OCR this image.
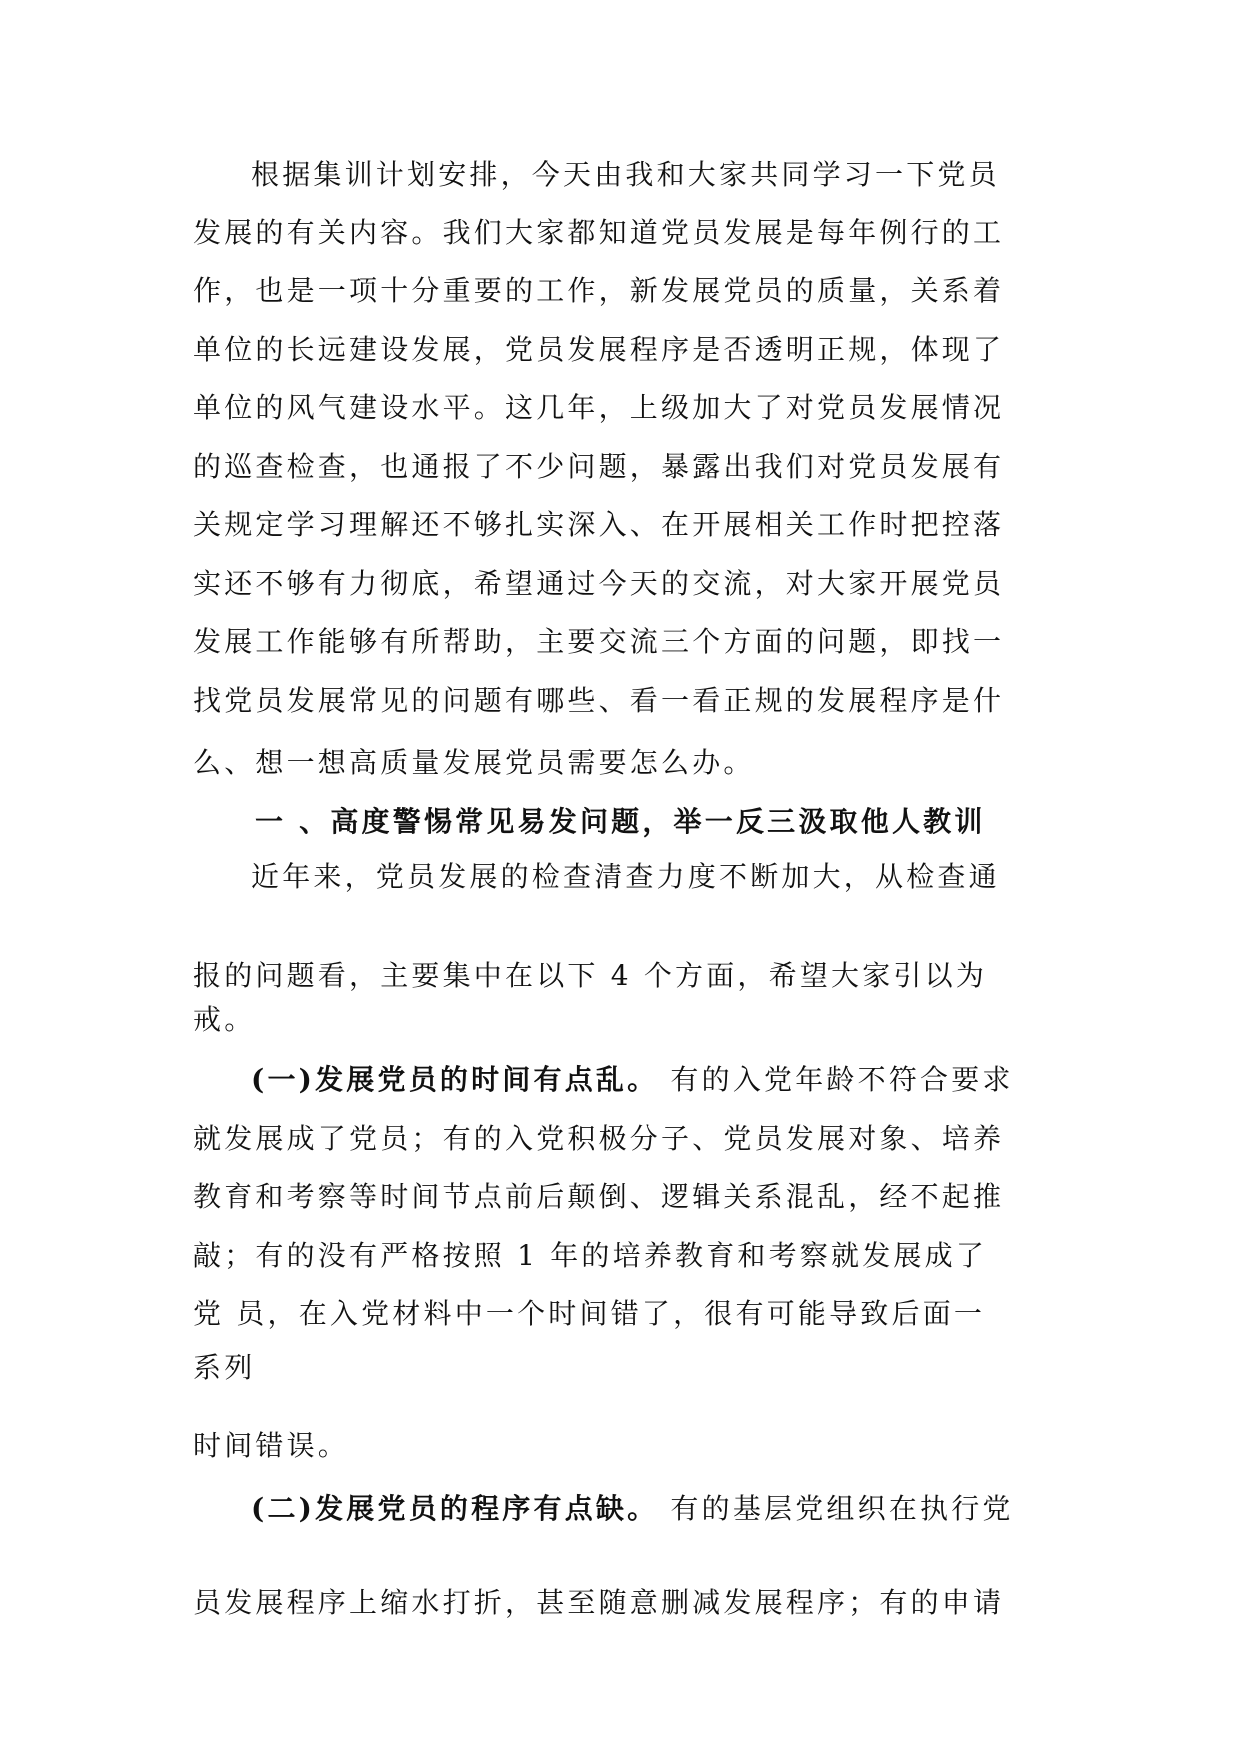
根据集训计划安排，今天由我和大家共同学习一下党员
发展的有关内容。我们大家都知道党员发展是每年例行的工
作，也是一项十分重要的工作，新发展党员的质量，关系着
单位的长远建设发展，党员发展程序是否透明正规，体现了
单位的风气建设水平。这几年，上级加大了对党员发展情况
的巡查检查，也通报了不少问题，暴露出我们对党员发展有
关规定学习理解还不够扎实深入、在开展相关工作时把控落
实还不够有力彻底，希望通过今天的交流，对大家开展党员
发展工作能够有所帮助，主要交流三个方面的问题，即找一
找党员发展常见的问题有哪些、看一看正规的发展程序是什
么、想一想高质量发展党员需要怎么办。
一 、高度警惕常见易发问题，举一反三汲取他人教训
近年来，党员发展的检查清查力度不断加大，从检查通
报的问题看，主要集中在以下 4 个方面，希望大家引以为
戒。
(一)发展党员的时间有点乱。 有的入党年龄不符合要求
就发展成了党员；有的入党积极分子、党员发展对象、培养
教育和考察等时间节点前后颠倒、逻辑关系混乱，经不起推
敲；有的没有严格按照 1 年的培养教育和考察就发展成了
党 员，在入党材料中一个时间错了，很有可能导致后面一
系列
时间错误。
(二)发展党员的程序有点缺。 有的基层党组织在执行党
员发展程序上缩水打折，甚至随意删减发展程序；有的申请
